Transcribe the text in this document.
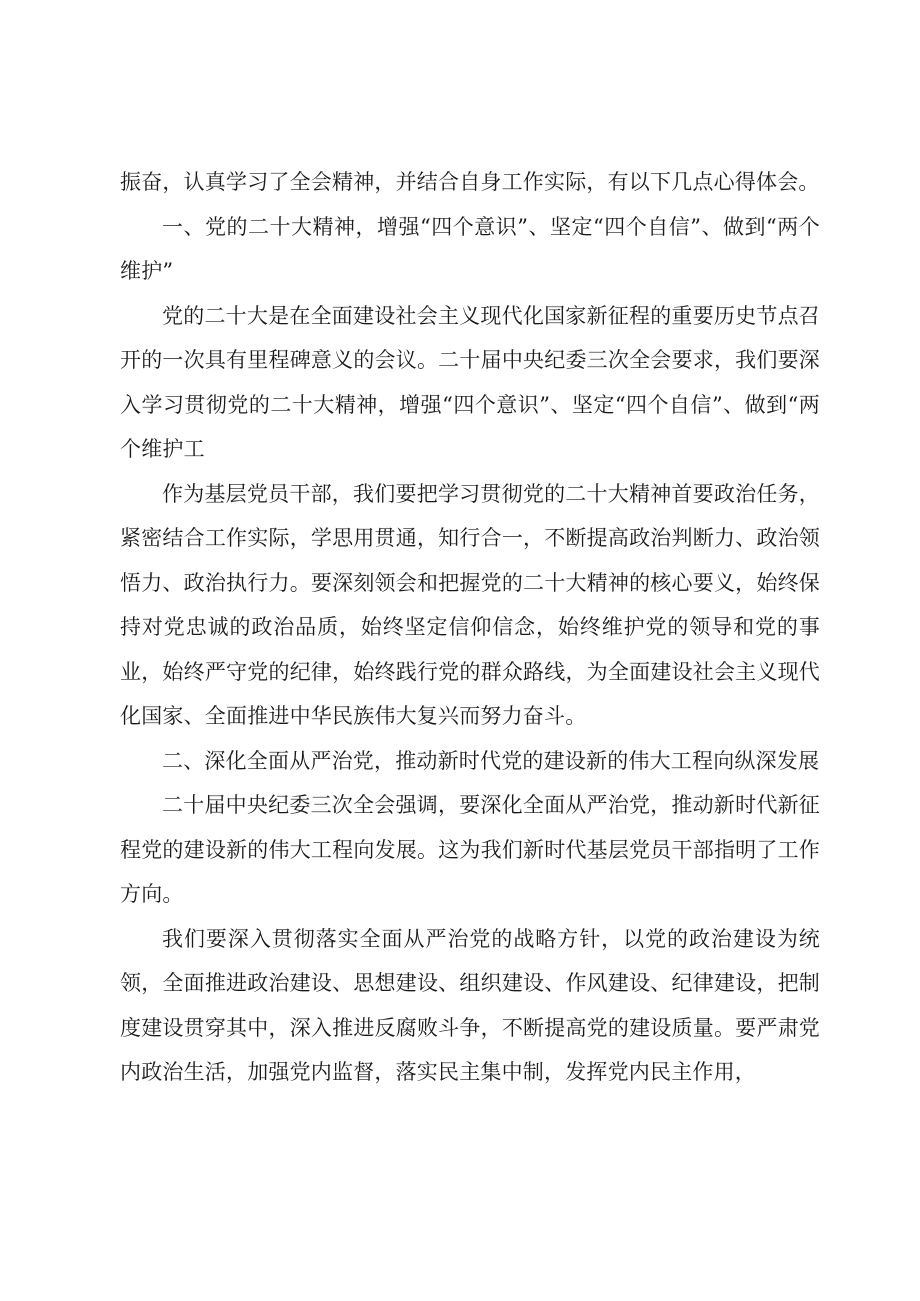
振奋，认真学习了全会精神，并结合自身工作实际，有以下几点心得体会。

一、党的二十大精神，增强“四个意识”、坚定“四个自信”、做到“两个维护”

党的二十大是在全面建设社会主义现代化国家新征程的重要历史节点召开的一次具有里程碑意义的会议。二十届中央纪委三次全会要求，我们要深入学习贯彻党的二十大精神，增强“四个意识”、坚定“四个自信”、做到“两个维护工

作为基层党员干部，我们要把学习贯彻党的二十大精神首要政治任务，紧密结合工作实际，学思用贯通，知行合一，不断提高政治判断力、政治领悟力、政治执行力。要深刻领会和把握党的二十大精神的核心要义，始终保持对党忠诚的政治品质，始终坚定信仰信念，始终维护党的领导和党的事业，始终严守党的纪律，始终践行党的群众路线，为全面建设社会主义现代化国家、全面推进中华民族伟大复兴而努力奋斗。

二、深化全面从严治党，推动新时代党的建设新的伟大工程向纵深发展

二十届中央纪委三次全会强调，要深化全面从严治党，推动新时代新征程党的建设新的伟大工程向发展。这为我们新时代基层党员干部指明了工作方向。

我们要深入贯彻落实全面从严治党的战略方针，以党的政治建设为统领，全面推进政治建设、思想建设、组织建设、作风建设、纪律建设，把制度建设贯穿其中，深入推进反腐败斗争，不断提高党的建设质量。要严肃党内政治生活，加强党内监督，落实民主集中制，发挥党内民主作用，
